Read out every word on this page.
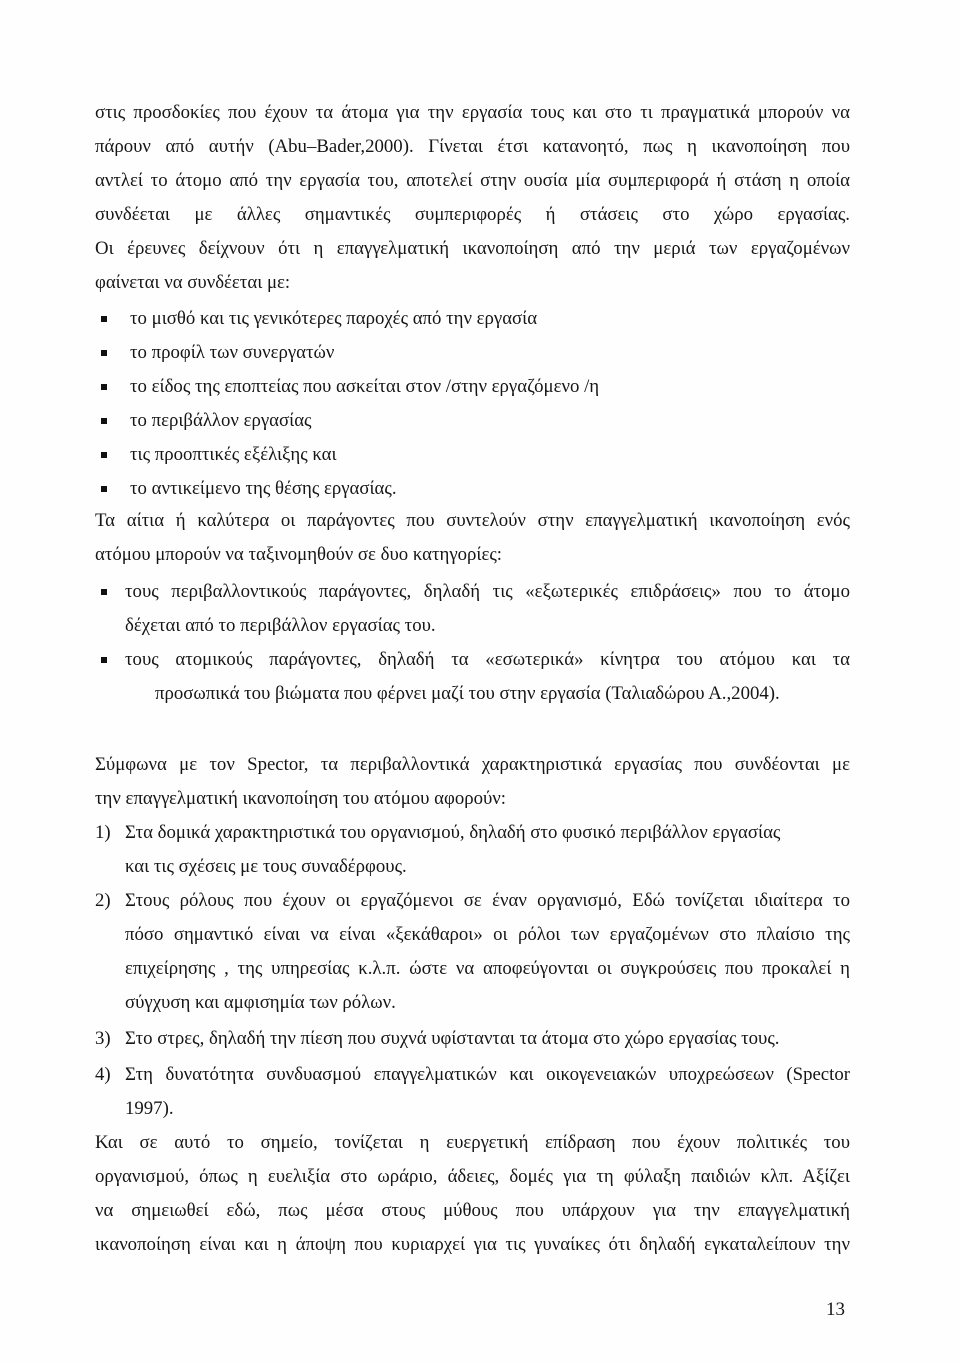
στις προσδοκίες που έχουν τα άτομα για την εργασία τους και στο τι πραγματικά μπορούν να
πάρουν από αυτήν (Abu–Bader,2000). Γίνεται έτσι κατανοητό, πως η ικανοποίηση που
αντλεί το άτομο από την εργασία του, αποτελεί στην ουσία μία συμπεριφορά ή στάση η οποία
συνδέεται με άλλες σημαντικές συμπεριφορές ή στάσεις στο χώρο εργασίας.
Οι έρευνες δείχνουν ότι η επαγγελματική ικανοποίηση από την μεριά των εργαζομένων
φαίνεται να συνδέεται με:
το μισθό και τις γενικότερες παροχές από την εργασία
το προφίλ των συνεργατών
το είδος της εποπτείας που ασκείται στον /στην εργαζόμενο /η
το περιβάλλον εργασίας
τις προοπτικές εξέλιξης και
το αντικείμενο της θέσης εργασίας.
Τα αίτια ή καλύτερα οι παράγοντες που συντελούν στην επαγγελματική ικανοποίηση ενός
ατόμου μπορούν να ταξινομηθούν σε δυο κατηγορίες:
τους περιβαλλοντικούς παράγοντες, δηλαδή τις «εξωτερικές επιδράσεις» που το άτομο
δέχεται από το περιβάλλον εργασίας του.
τους ατομικούς παράγοντες, δηλαδή τα «εσωτερικά» κίνητρα του ατόμου και τα
προσωπικά του βιώματα που φέρνει μαζί του στην εργασία (Ταλιαδώρου Α.,2004).
Σύμφωνα με τον Spector, τα περιβαλλοντικά χαρακτηριστικά εργασίας που συνδέονται με
την επαγγελματική ικανοποίηση του ατόμου αφορούν:
1) Στα δομικά χαρακτηριστικά του οργανισμού, δηλαδή στο φυσικό περιβάλλον εργασίας
και τις σχέσεις με τους συναδέρφους.
2) Στους ρόλους που έχουν οι εργαζόμενοι σε έναν οργανισμό, Εδώ τονίζεται ιδιαίτερα το
πόσο σημαντικό είναι να είναι «ξεκάθαροι» οι ρόλοι των εργαζομένων στο πλαίσιο της
επιχείρησης , της υπηρεσίας κ.λ.π. ώστε να αποφεύγονται οι συγκρούσεις που προκαλεί η
σύγχυση και αμφισημία των ρόλων.
3) Στο στρες, δηλαδή την πίεση που συχνά υφίστανται τα άτομα στο χώρο εργασίας τους.
4) Στη δυνατότητα συνδυασμού επαγγελματικών και οικογενειακών υποχρεώσεων (Spector
1997).
Και σε αυτό το σημείο, τονίζεται η ευεργετική επίδραση που έχουν πολιτικές του
οργανισμού, όπως η ευελιξία στο ωράριο, άδειες, δομές για τη φύλαξη παιδιών κλπ. Αξίζει
να σημειωθεί εδώ, πως μέσα στους μύθους που υπάρχουν για την επαγγελματική
ικανοποίηση είναι και η άποψη που κυριαρχεί για τις γυναίκες ότι δηλαδή εγκαταλείπουν την
13
